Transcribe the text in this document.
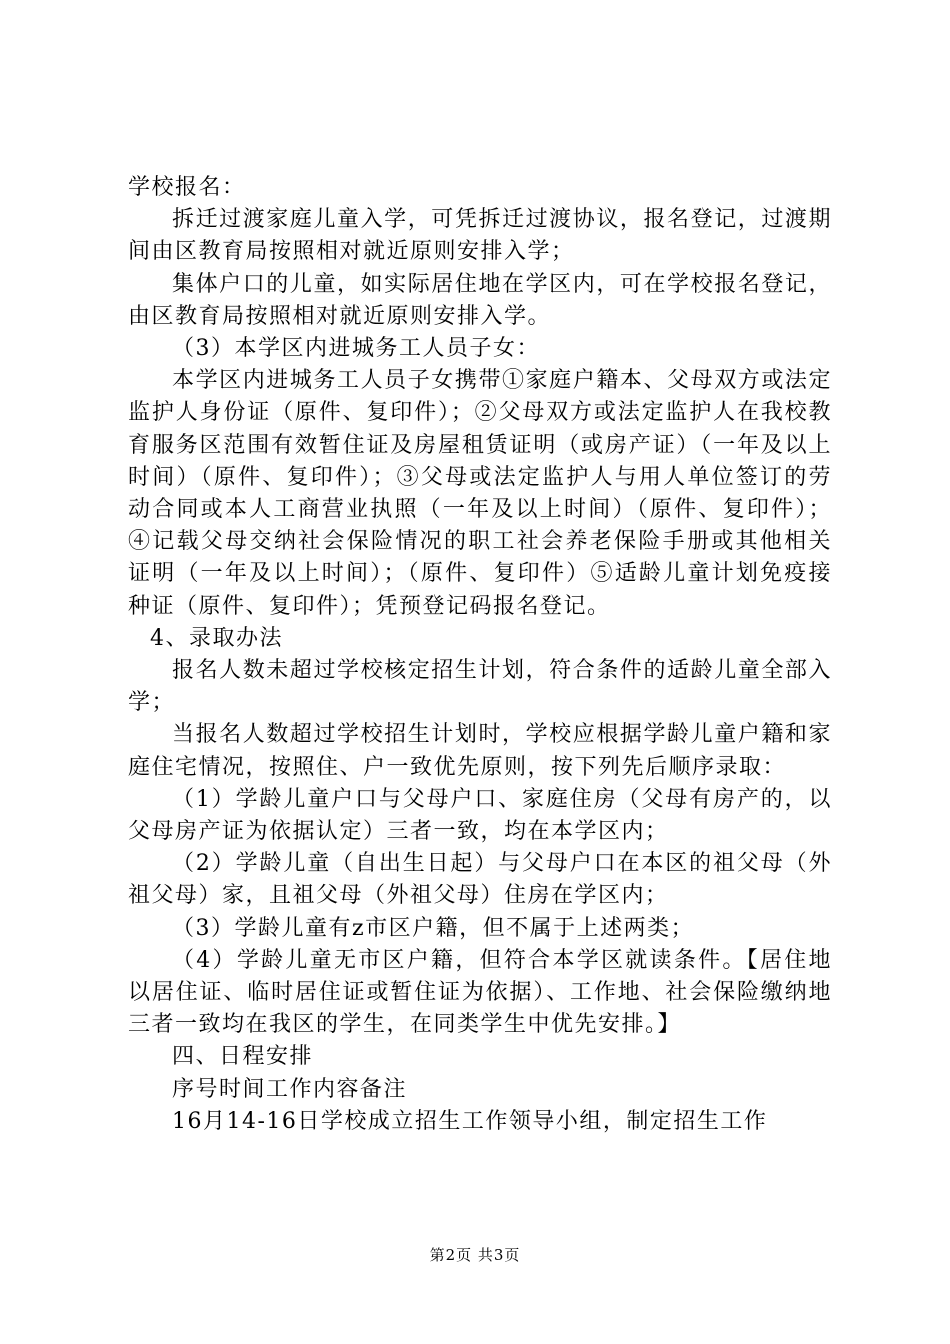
学校报名：

拆迁过渡家庭儿童入学，可凭拆迁过渡协议，报名登记，过渡期间由区教育局按照相对就近原则安排入学；

集体户口的儿童，如实际居住地在学区内，可在学校报名登记，由区教育局按照相对就近原则安排入学。

（3）本学区内进城务工人员子女：

本学区内进城务工人员子女携带①家庭户籍本、父母双方或法定监护人身份证（原件、复印件）；②父母双方或法定监护人在我校教育服务区范围有效暂住证及房屋租赁证明（或房产证）（一年及以上时间）（原件、复印件）；③父母或法定监护人与用人单位签订的劳动合同或本人工商营业执照（一年及以上时间）（原件、复印件）；④记载父母交纳社会保险情况的职工社会养老保险手册或其他相关证明（一年及以上时间）；（原件、复印件）⑤适龄儿童计划免疫接种证（原件、复印件）；凭预登记码报名登记。

4、录取办法

报名人数未超过学校核定招生计划，符合条件的适龄儿童全部入学；

当报名人数超过学校招生计划时，学校应根据学龄儿童户籍和家庭住宅情况，按照住、户一致优先原则，按下列先后顺序录取：

（1）学龄儿童户口与父母户口、家庭住房（父母有房产的，以父母房产证为依据认定）三者一致，均在本学区内；

（2）学龄儿童（自出生日起）与父母户口在本区的祖父母（外祖父母）家，且祖父母（外祖父母）住房在学区内；

（3）学龄儿童有z市区户籍，但不属于上述两类；

（4）学龄儿童无市区户籍，但符合本学区就读条件。【居住地以居住证、临时居住证或暂住证为依据）、工作地、社会保险缴纳地三者一致均在我区的学生，在同类学生中优先安排。】

四、日程安排

序号时间工作内容备注

16月14-16日学校成立招生工作领导小组，制定招生工作

第2页 共3页
